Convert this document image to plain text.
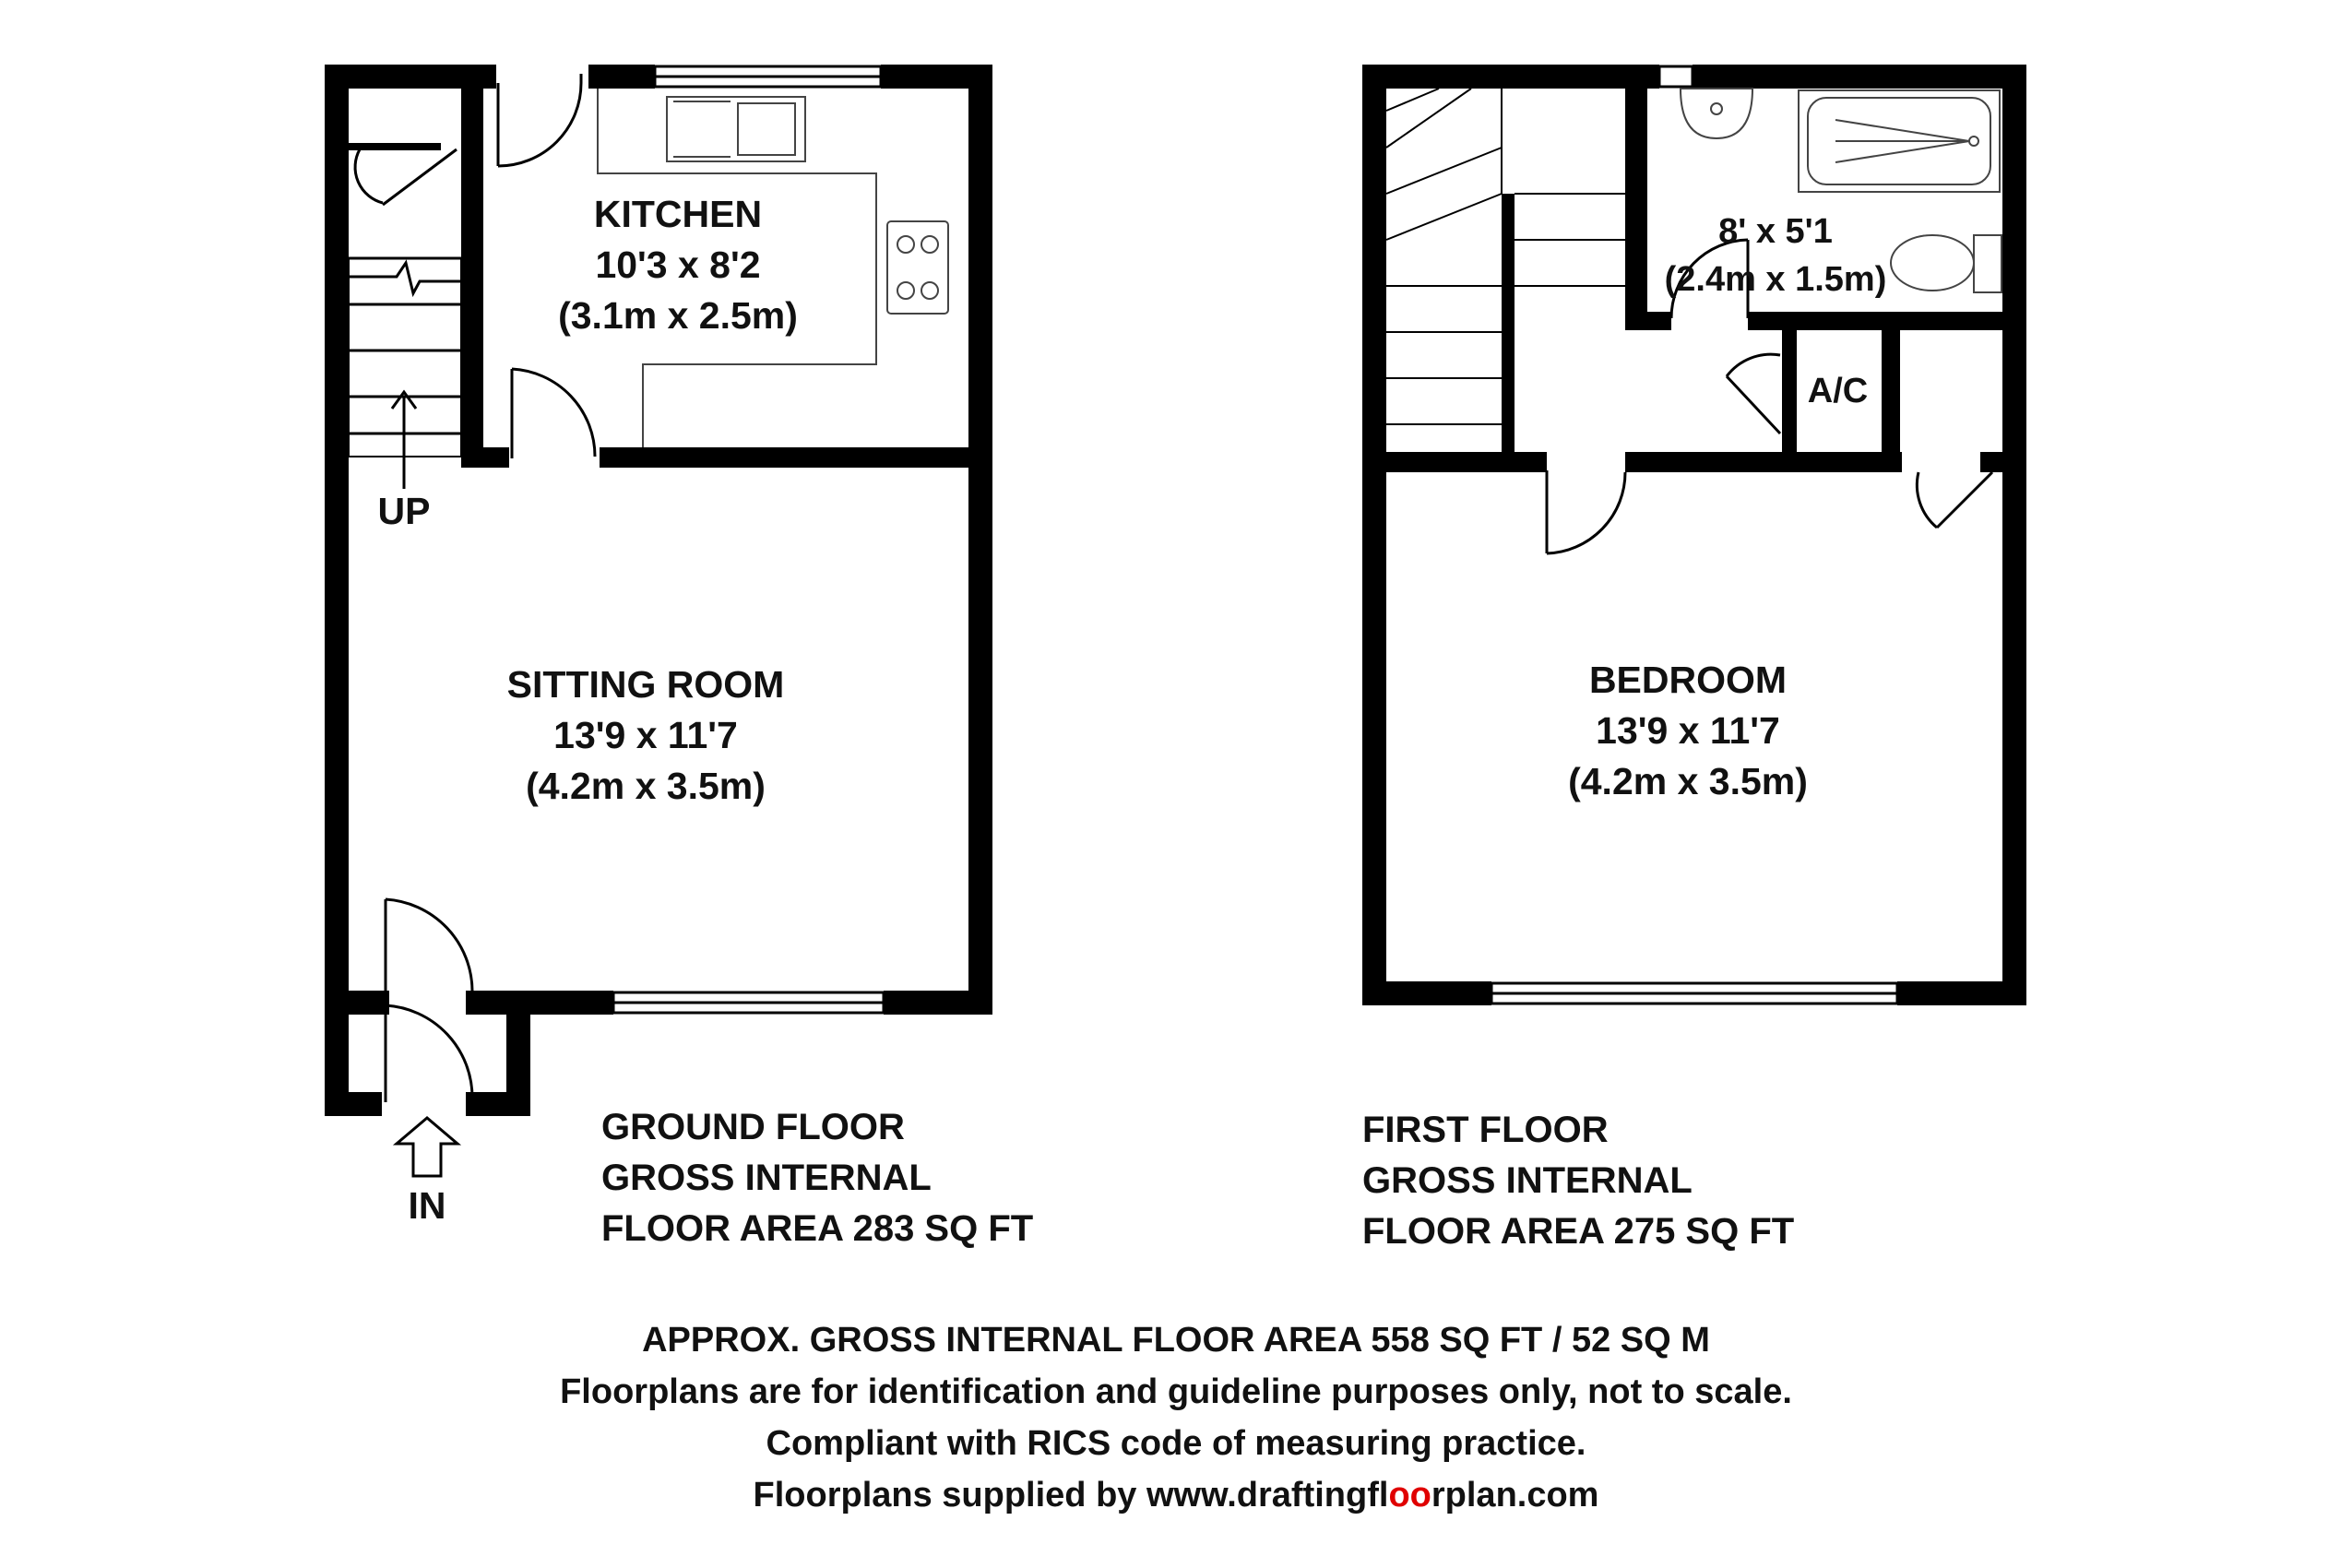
KITCHEN
10'3 x 8'2
(3.1m x 2.5m)
SITTING ROOM
13'9 x 11'7
(4.2m x 3.5m)
UP
IN
8' x 5'1
(2.4m x 1.5m)
A/C
BEDROOM
13'9 x 11'7
(4.2m x 3.5m)
GROUND FLOOR
GROSS INTERNAL
FLOOR AREA 283 SQ FT
FIRST FLOOR
GROSS INTERNAL
FLOOR AREA 275 SQ FT
APPROX. GROSS INTERNAL FLOOR AREA 558 SQ FT / 52 SQ M
Floorplans are for identification and guideline purposes only, not to scale.
Compliant with RICS code of measuring practice.
Floorplans supplied by www.draftingfloorplan.com
